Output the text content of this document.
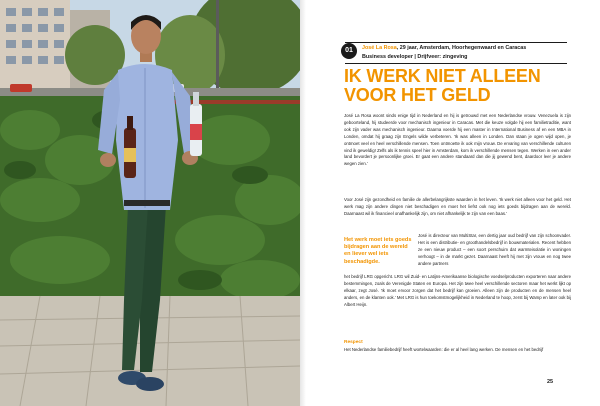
01	José La Rosa, 29 jaar, Amsterdam, Hoorhegenwaard en Caracas
Business developer | Drijfveer: zingeving
IK WERK NIET ALLEEN
VOOR HET GELD
José La Rosa woont sinds enige tijd in Nederland en hij is getrouwd met een Nederlandse vrouw. Venezuela is zijn geboorteland, hij studeerde voor mechanisch ingenieur in Caracas. Met die keuze volgde hij een familietraditie, want ook zijn vader was mechanisch ingenieur. Daarna voerde hij een master in International Business af en een MBA in Londen, omdat hij graag zijn Engels wilde verbeteren. 'Ik was alleen in Londen. Dan staan je ogen wijd open, je ontmoet veel en heel verschillende mensen. Toen ontmoette ik ook mijn vrouw. De ervaring van verschillende culturen vind ik geweldig! Zelfs als ik tennis speel hier in Amsterdam, kom ik verschillende mensen tegen. Werken in een ander land bevordert je persoonlijke groei. Er gaat een andere standaard dan die jij gewend bent, daardoor leer je andere wegen zien.'
Voor José zijn gezondheid en familie de allerbelangrijkste waarden in het leven. 'Ik werk niet alleen voor het geld. Het werk mag zijn andere dingen niet beschadigen en moet het liefst ook nog iets goeds bijdragen aan de wereld. Daarnaast wil ik financieel onafhankelijk zijn, om niet afhankelijk te zijn van een baas.'
Het werk moet iets goeds bijdragen aan de wereld en liever wel iets beschadigde.
José is directeur van MultiStar, een dertig jaar oud bedrijf van zijn schoonvader. Het is een distributie- en groothandelsbedrijf in bouwmaterialen. Recent hebben ze een nieuw product – een soort perschuim dat warmteisolatie in woningen verhoogt – in de markt gezet. Daarnaast heeft hij met zijn vrouw en nog twee andere partners
het bedrijf LRG opgericht. LRG wil Zuid- en Latijns-Amerikaanse biologische voedselproducten exporteren naar andere bestemmingen, zoals de Verenigde Staten en Europa. Het zijn twee heel verschillende sectoren maar het werkt lijkt op elkaar, zegt José. 'Ik moet ervoor zorgen dat het bedrijf kan groeien. Alleen zijn de producten en de mensen heel anders, en de klanten ook.' Met LRG is hun toekomstmogelijkheid in Nederland te hoop, zerst bij Wamp en later ook bij Albert Heijn.
Respect
Het Nederlandse familiebedrijf heeft wortelwaarden: die er al heel lang werken. De mensen en het bedrijf
25
